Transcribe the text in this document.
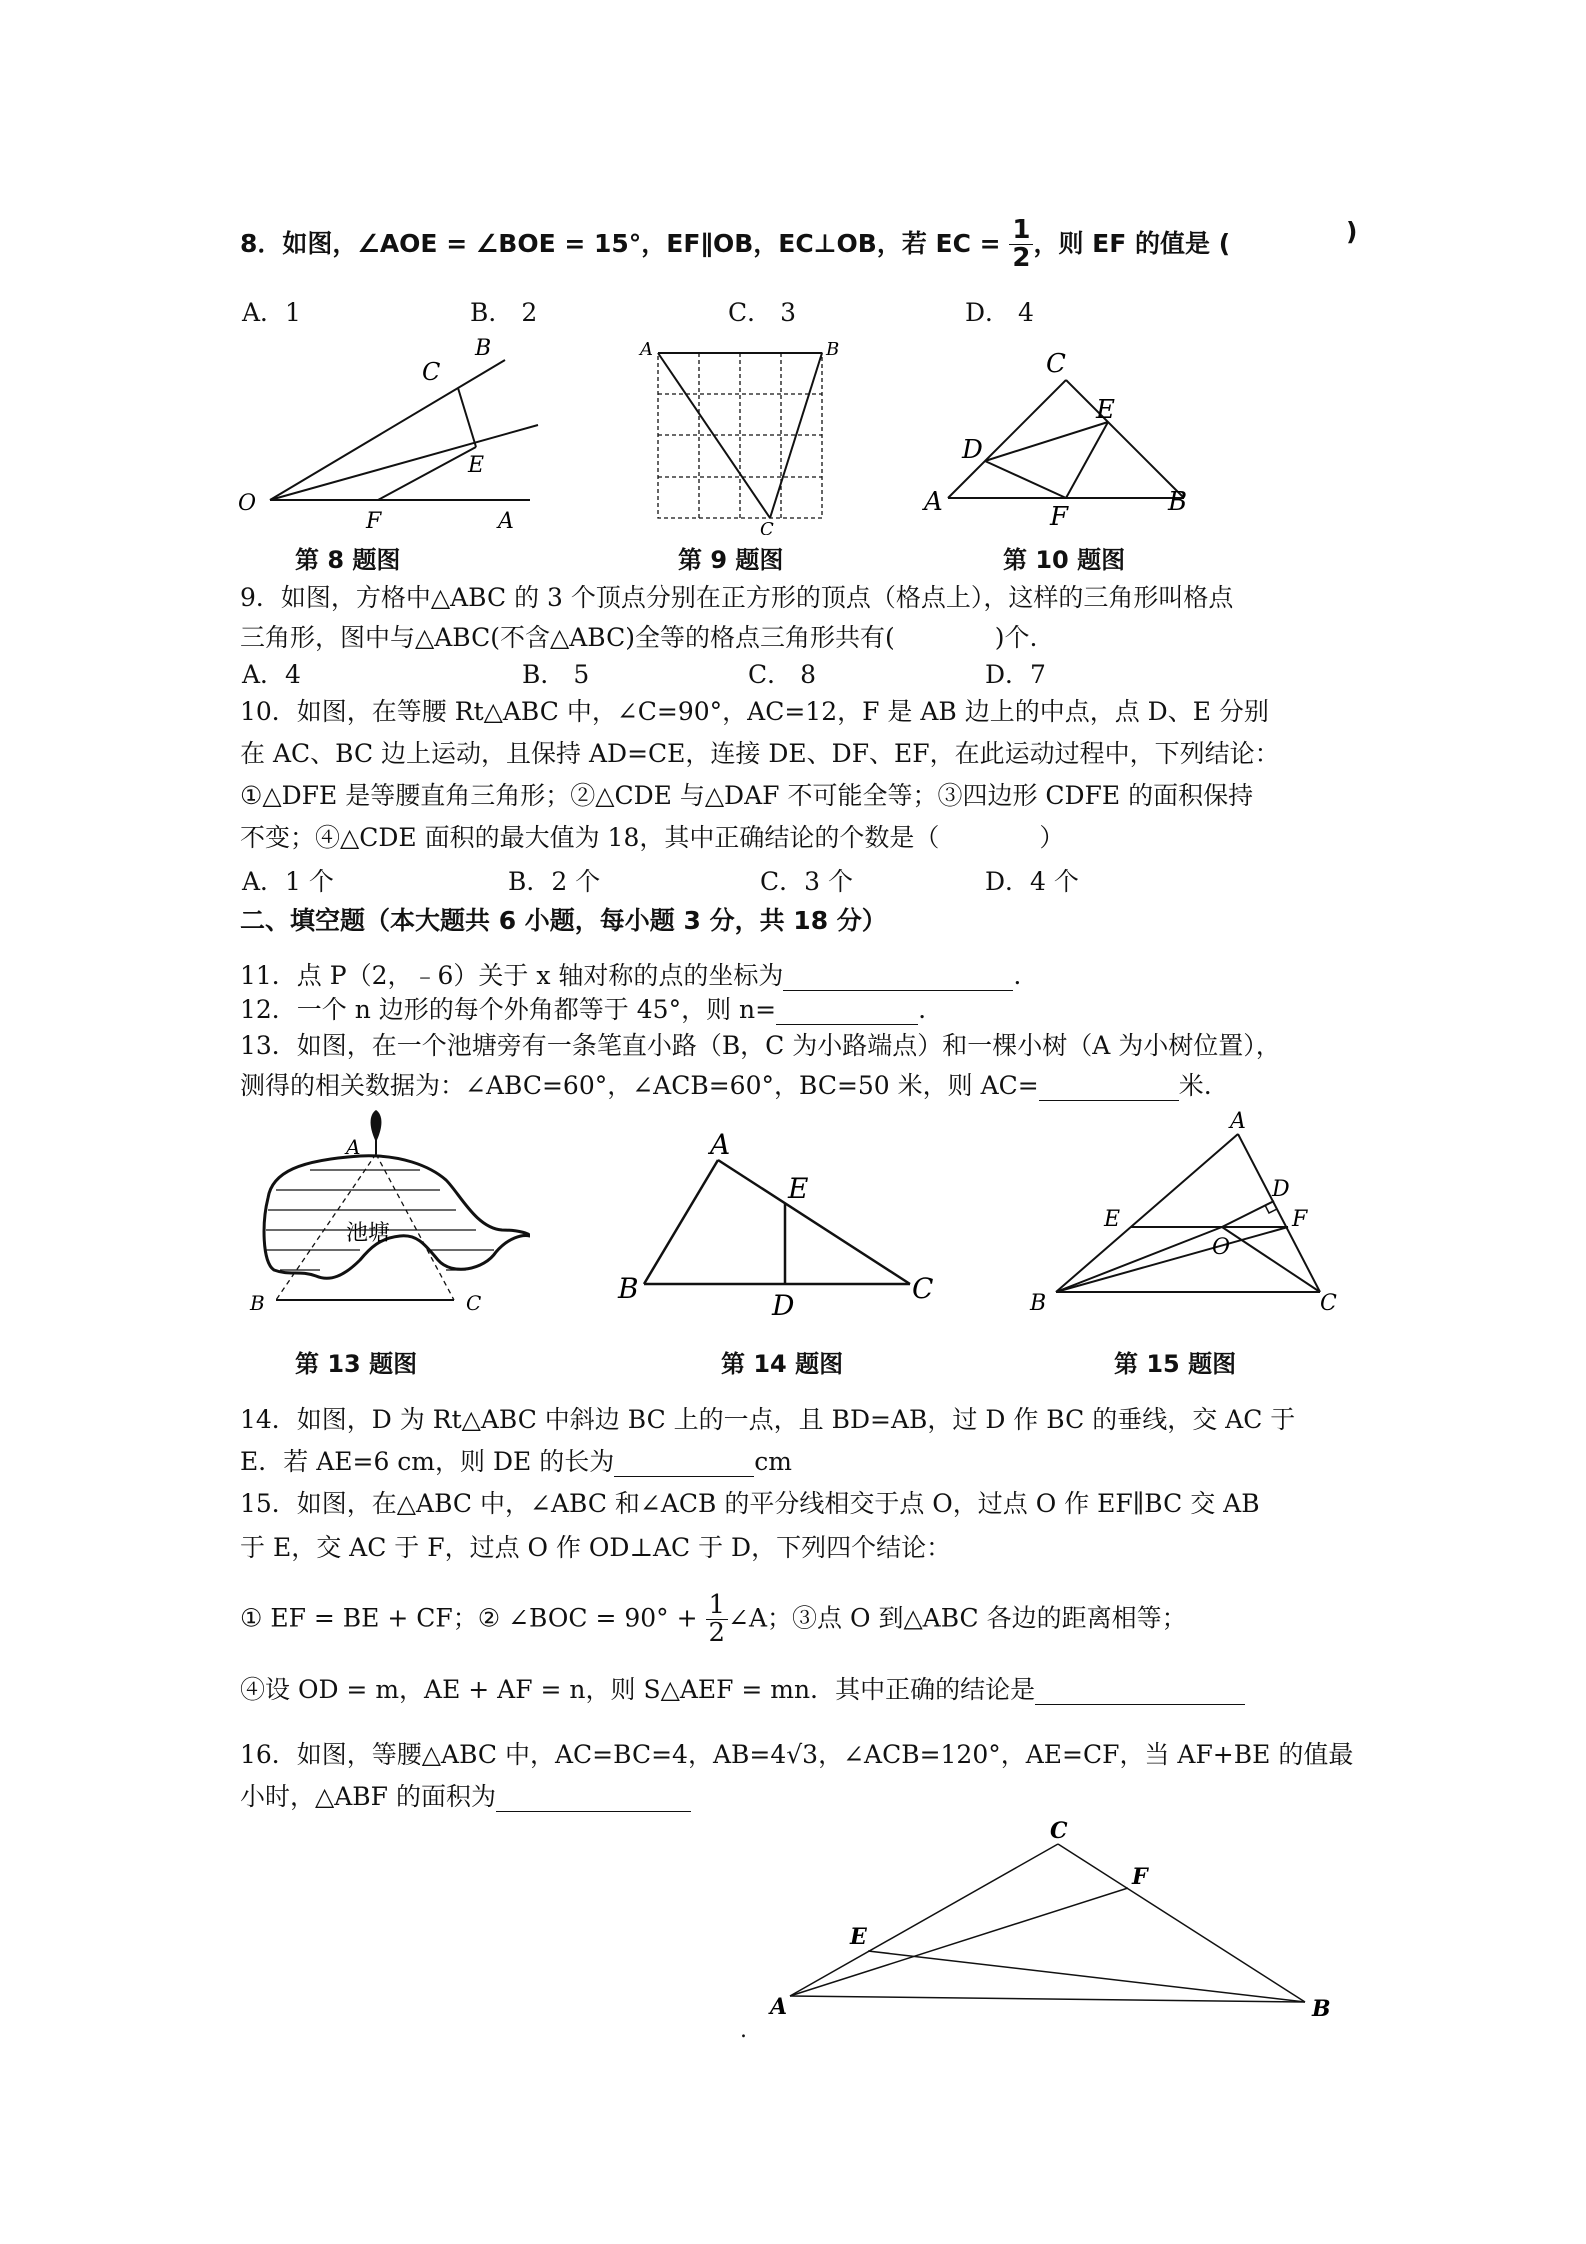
8．如图，∠AOE = ∠BOE = 15°，EF∥OB，EC⊥OB，若 EC = $\frac{1}{2}$ ，则 EF 的值是 (	)
A．1	B． 2	C． 3	D． 4
B
C
E
O
F	A
A	B
C
C
E
D
A	F	B
第 8 题图	第 9 题图	第 10 题图
9．如图，方格中△ABC 的 3 个顶点分别在正方形的顶点（格点上），这样的三角形叫格点
三角形，图中与△ABC(不含△ABC)全等的格点三角形共有(　　　　)个.
A．4	B． 5	C． 8	D．7
10．如图，在等腰 Rt△ABC 中，∠C=90°，AC=12，F 是 AB 边上的中点，点 D、E 分别
在 AC、BC 边上运动，且保持 AD=CE，连接 DE、DF、EF，在此运动过程中，下列结论：
①△DFE 是等腰直角三角形；②△CDE 与△DAF 不可能全等；③四边形 CDFE 的面积保持
不变；④△CDE 面积的最大值为 18，其中正确结论的个数是（　　　　）
A．1 个	B．2 个	C．3 个	D．4 个
二、填空题（本大题共 6 小题，每小题 3 分，共 18 分）
11．点 P（2，﹣6）关于 x 轴对称的点的坐标为	.
12．一个 n 边形的每个外角都等于 45°，则 n=	.
13．如图，在一个池塘旁有一条笔直小路（B，C 为小路端点）和一棵小树（A 为小树位置），
测得的相关数据为：∠ABC=60°，∠ACB=60°，BC=50 米，则 AC=	米.
A
B	C
池塘
A
E
B
D
C
A
D
E	F
O
B	C
第 13 题图	第 14 题图	第 15 题图
14．如图，D 为 Rt△ABC 中斜边 BC 上的一点，且 BD=AB，过 D 作 BC 的垂线，交 AC 于
E．若 AE=6 cm，则 DE 的长为	cm
15．如图，在△ABC 中，∠ABC 和∠ACB 的平分线相交于点 O，过点 O 作 EF∥BC 交 AB
于 E，交 AC 于 F，过点 O 作 OD⊥AC 于 D，下列四个结论：
① EF = BE + CF；② ∠BOC = $90^\circ + \frac{1}{2}$ ∠A；③点 O 到△ABC 各边的距离相等；
④设 OD = m，AE + AF = n，则 S△AEF = mn．其中正确的结论是
16．如图，等腰△ABC 中，AC=BC=4，AB=4√3，∠ACB=120°，AE=CF，当 AF+BE 的值最
小时，△ABF 的面积为
C
F
E
A	B
.
